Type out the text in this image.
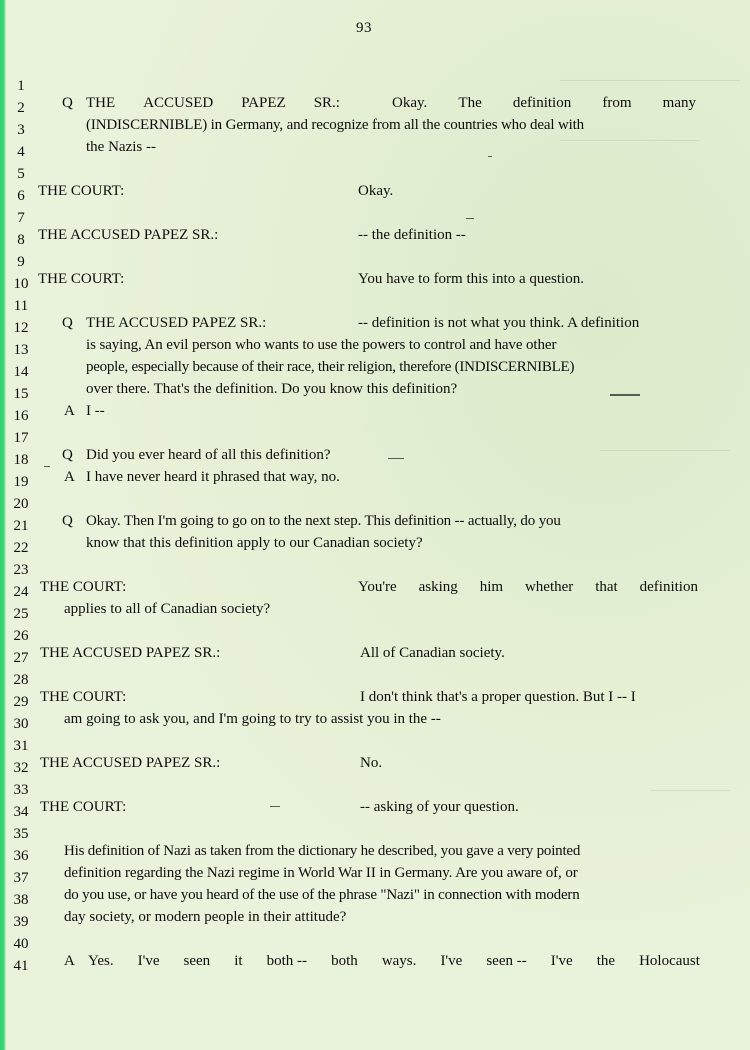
93
1
2
3
4
5
6
7
8
9
10
11
12
13
14
15
16
17
18
19
20
21
22
23
24
25
26
27
28
29
30
31
32
33
34
35
36
37
38
39
40
41
Q THE ACCUSED PAPEZ SR.:	Okay. The definition from many
(INDISCERNIBLE) in Germany, and recognize from all the countries who deal with
the Nazis --
THE COURT:	Okay.
THE ACCUSED PAPEZ SR.:	-- the definition --
THE COURT:	You have to form this into a question.
Q THE ACCUSED PAPEZ SR.:	-- definition is not what you think. A definition
is saying, An evil person who wants to use the powers to control and have other
people, especially because of their race, their religion, therefore (INDISCERNIBLE)
over there. That's the definition. Do you know this definition?
A I --
Q Did you ever heard of all this definition?
A I have never heard it phrased that way, no.
Q Okay. Then I'm going to go on to the next step. This definition -- actually, do you
know that this definition apply to our Canadian society?
THE COURT:	You're asking him whether that definition
applies to all of Canadian society?
THE ACCUSED PAPEZ SR.:	All of Canadian society.
THE COURT:	I don't think that's a proper question. But I -- I
am going to ask you, and I'm going to try to assist you in the --
THE ACCUSED PAPEZ SR.:	No.
THE COURT:	-- asking of your question.
His definition of Nazi as taken from the dictionary he described, you gave a very pointed
definition regarding the Nazi regime in World War II in Germany. Are you aware of, or
do you use, or have you heard of the use of the phrase "Nazi" in connection with modern
day society, or modern people in their attitude?
A Yes. I've seen it both -- both ways. I've seen -- I've the Holocaust
